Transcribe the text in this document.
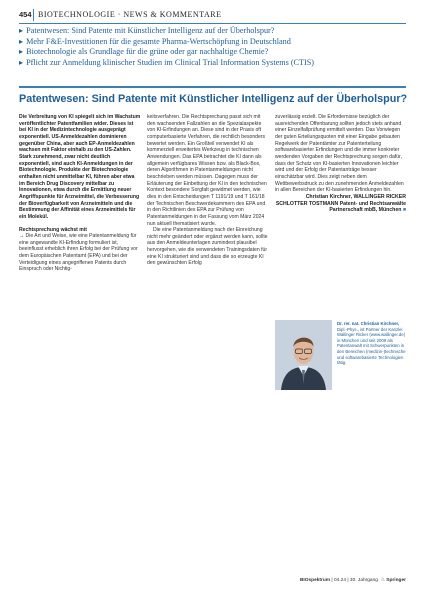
454 BIOTECHNOLOGIE · NEWS & KOMMENTARE
▸ Patentwesen: Sind Patente mit Künstlicher Intelligenz auf der Überholspur?
▸ Mehr F&E-Investitionen für die gesamte Pharma-Wertschöpfung in Deutschland
▸ Biotechnologie als Grundlage für die grüne oder gar nachhaltige Chemie?
▸ Pflicht zur Anmeldung klinischer Studien im Clinical Trial Information Systems (CTIS)
Patentwesen: Sind Patente mit Künstlicher Intelligenz auf der Überholspur?

Die Verbreitung von KI spiegelt sich im Wachstum veröffentlichter Patentfamilien wider. Dieses ist bei KI in der Medizintechnologie ausgeprägt exponentiell. US-Anmeldezahlen dominieren gegenüber China, aber auch EP-Anmeldezahlen wachsen mit Faktor einhalb zu den US-Zahlen. Stark zunehmend, zwar nicht deutlich exponentiell, sind auch KI-Anmeldungen in der Biotechnologie. Produkte der Biotechnologie enthalten nicht unmittelbar KI, führen aber etwa im Bereich Drug Discovery mittelbar zu Innovationen, etwa durch die Ermittlung neuer Angriffspunkte für Arzneimittel, die Verbesserung der Bioverfügbarkeit von Arzneimitteln und die Bestimmung der Affinität eines Arzneimittels für ein Molekül.

Rechtsprechung wächst mit

→ Die Art und Weise, wie eine Patentanmeldung für eine angewandte KI-Erfindung formuliert ist, beeinflusst erheblich ihren Erfolg bei der Prüfung vor dem Europäischen Patentamt (EPA) und bei der Verteidigung eines angegriffenen Patents durch Einspruch oder Nichtig-

keitsverfahren. Die Rechtsprechung passt sich mit den wachsenden Fallzahlen an die Spezialaspekte von KI-Erfindungen an. Diese sind in der Praxis oft computerbasierte Verfahren, die rechtlich besonders bewertet werden. Ein Großteil verwendet KI als kommerziell erweitertes Werkzeug in technischen Anwendungen. Das EPA betrachtet die KI dann als allgemein verfügbares Wissen bzw. als Black-Box, deren Algorithmen in Patentanmeldungen nicht beschrieben werden müssen. Dagegen muss der Erläuterung der Einbettung der KI in den technischen Kontext besondere Sorgfalt gewidmet werden, wie dies in den Entscheidungen T 1191/19 und T 161/18 der Technischen Beschwerdekammern des EPA und in den Richtlinien des EPA zur Prüfung von Patentanmeldungen in der Fassung vom März 2024 nun aktuell thematisiert wurde.

Die eine Patentanmeldung nach der Einreichung nicht mehr geändert oder ergänzt werden kann, sollte aus den Anmeldeunterlagen zumindest plausibel hervorgehen, wie die verwendeten Trainingsdaten für eine KI strukturiert sind und dass die so erzeugte KI den gewünschten Erfolg

zuverlässig erzielt. Die Erfordernisse bezüglich der ausreichenden Offenbarung sollten jedoch stets anhand einer Einzelfallprüfung ermittelt werden. Das Vorwiegen der guten Erteilungsquoten mit einer Eingabe gebauten Regelwerk der Patentämter zur Patenterteilung softwarebasierter Erfindungen und die immer konkreter werdenden Vorgaben der Rechtsprechung sorgen dafür, dass der Schutz von KI-basierten Innovationen leichter wird und der Erfolg der Patentanträge besser einschätzbar wird. Dies zeigt neben dem Wettbewerbsdruck zu den zunehmenden Anmeldezahlen in allen Bereichen der KI-basierten Erfindungen hin.

Christian Kirchner, WALLINGER RICKER SCHLOTTER TOSTMANN Patent- und Rechtsanwälte Partnerschaft mbB, München ■

Dr. rer. nat. Christian Kirchner, Dipl.-Phys., ist Partner der Kanzlei Wallinger Ricker (www.wallinger.de) in München und seit 2009 als Patentanwalt mit Schwerpunkten in den Bereichen (medizin-)technische und softwarebasierte Technologien tätig.
BIOspektrum | 04.24 | 30. Jahrgang ♘ Springer
